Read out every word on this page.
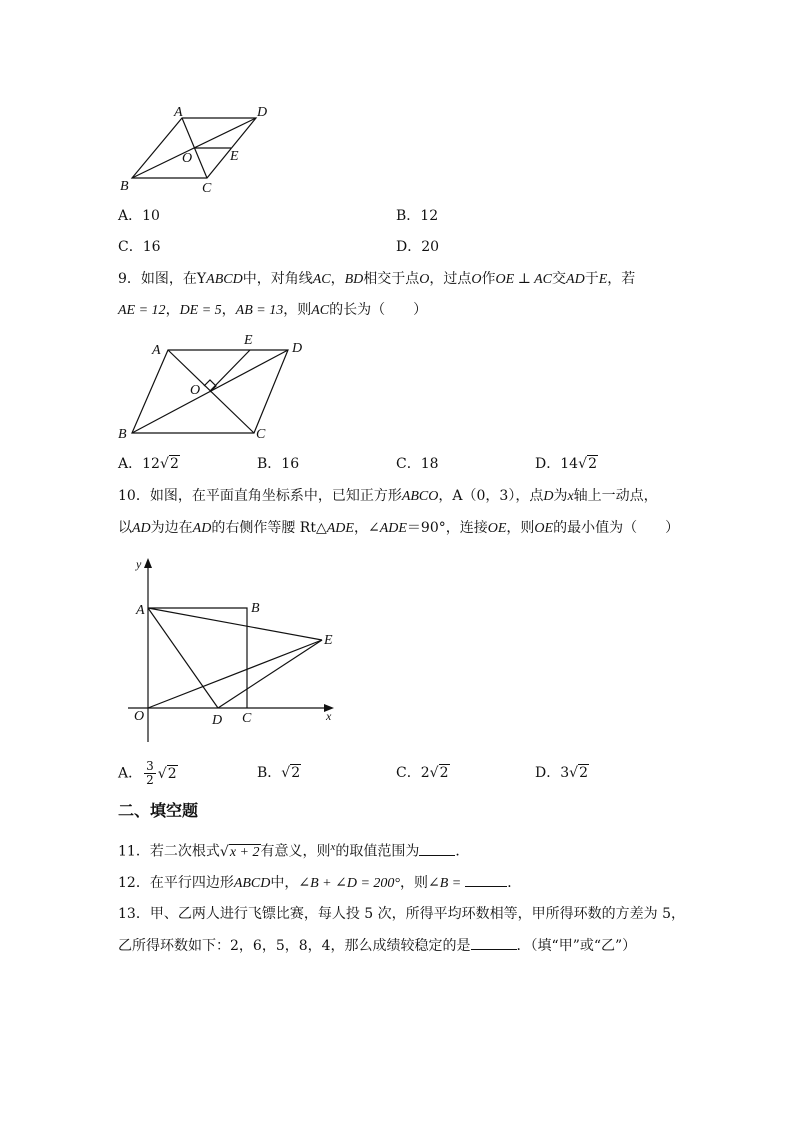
A	D
O	E
B	C
A．10	B．12
C．16	D．20
9．如图，在YABCD中，对角线AC，BD相交于点O，过点O作OE ⊥ AC交AD于E，若
AE = 12，DE = 5，AB = 13，则AC的长为（　　）
A
E
D
O
B	C
A．12 √ 2	B．16	C．18	D．14 √ 2
10．如图，在平面直角坐标系中，已知正方形ABCO，A（0，3），点D为x轴上一动点，
以AD为边在AD的右侧作等腰 Rt△ADE，∠ADE＝90°，连接OE，则OE的最小值为（　　）
y
x
A	B
E
O	D C
A． $\frac{3}{2}$ √ 2	B． √ 2	C．2 √ 2	D．3 √ 2
二、填空题
11．若二次根式 √ x + 2有意义，则$^x$的取值范围为	．
12．在平行四边形ABCD中，∠B + ∠D = 200°，则∠B =	．
13．甲、乙两人进行飞镖比赛，每人投 5 次，所得平均环数相等，甲所得环数的方差为 5，
乙所得环数如下：2，6，5，8，4，那么成绩较稳定的是	．（填“甲”或“乙”）
